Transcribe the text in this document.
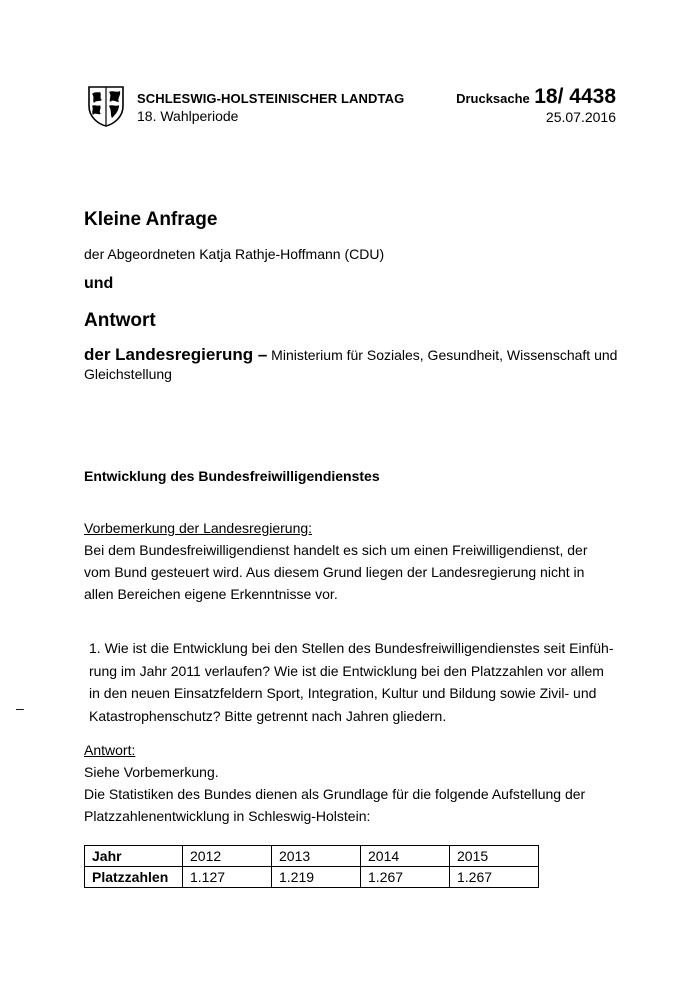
SCHLESWIG-HOLSTEINISCHER LANDTAG
18. Wahlperiode
Drucksache 18/ 4438
25.07.2016
Kleine Anfrage
der Abgeordneten Katja Rathje-Hoffmann (CDU)
und
Antwort
der Landesregierung – Ministerium für Soziales, Gesundheit, Wissenschaft und
Gleichstellung
Entwicklung des Bundesfreiwilligendienstes
Vorbemerkung der Landesregierung:
Bei dem Bundesfreiwilligendienst handelt es sich um einen Freiwilligendienst, der
vom Bund gesteuert wird. Aus diesem Grund liegen der Landesregierung nicht in
allen Bereichen eigene Erkenntnisse vor.
1. Wie ist die Entwicklung bei den Stellen des Bundesfreiwilligendienstes seit Einfüh-
rung im Jahr 2011 verlaufen? Wie ist die Entwicklung bei den Platzzahlen vor allem
in den neuen Einsatzfeldern Sport, Integration, Kultur und Bildung sowie Zivil- und
Katastrophenschutz? Bitte getrennt nach Jahren gliedern.
–
Antwort:
Siehe Vorbemerkung.
Die Statistiken des Bundes dienen als Grundlage für die folgende Aufstellung der
Platzzahlenentwicklung in Schleswig-Holstein:
Jahr	2012	2013	2014	2015
Platzzahlen	1.127	1.219	1.267	1.267
